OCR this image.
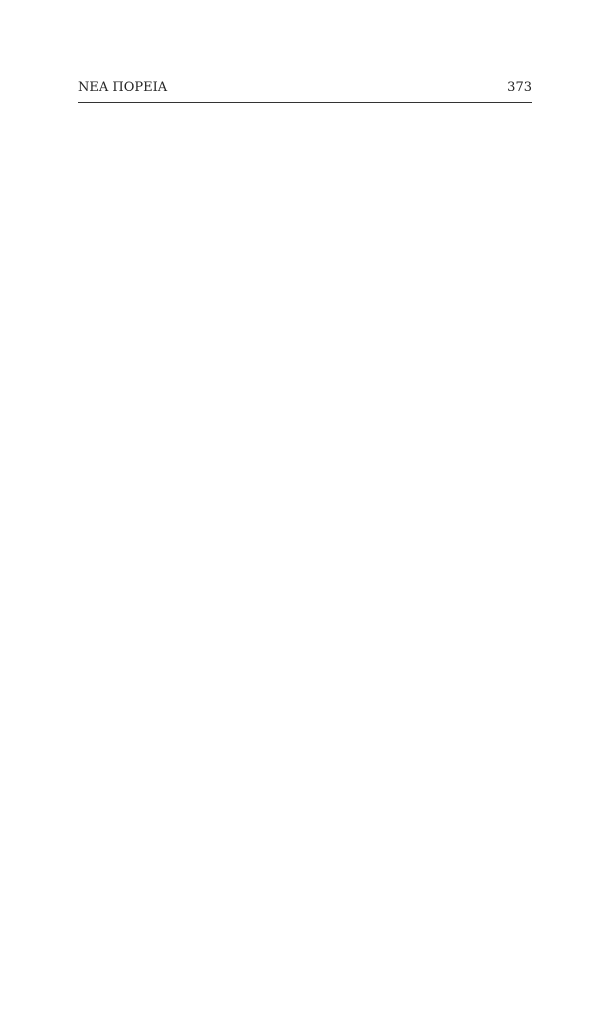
ΝΕΑ ΠΟΡΕΙΑ	373
